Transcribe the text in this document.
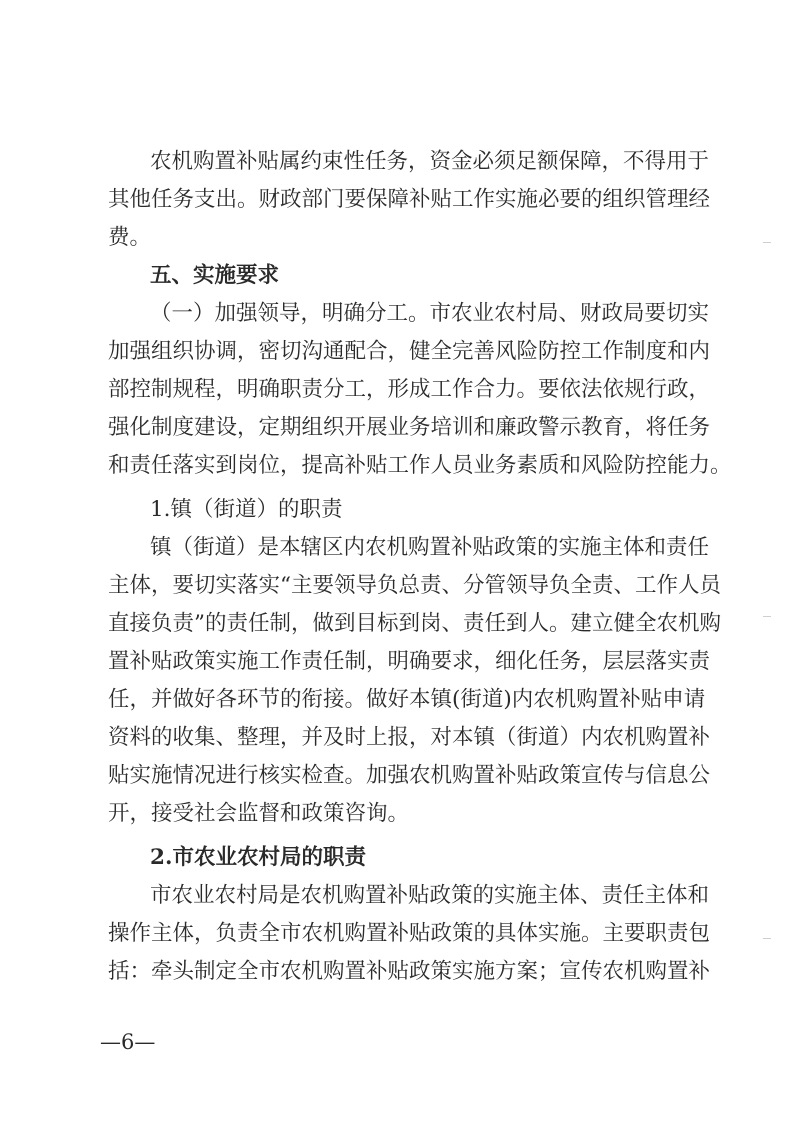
农机购置补贴属约束性任务，资金必须足额保障，不得用于
其他任务支出。财政部门要保障补贴工作实施必要的组织管理经
费。
五、实施要求
（一）加强领导，明确分工。市农业农村局、财政局要切实
加强组织协调，密切沟通配合，健全完善风险防控工作制度和内
部控制规程，明确职责分工，形成工作合力。要依法依规行政，
强化制度建设，定期组织开展业务培训和廉政警示教育，将任务
和责任落实到岗位，提高补贴工作人员业务素质和风险防控能力。
1.镇（街道）的职责
镇（街道）是本辖区内农机购置补贴政策的实施主体和责任
主体，要切实落实“主要领导负总责、分管领导负全责、工作人员
直接负责”的责任制，做到目标到岗、责任到人。建立健全农机购
置补贴政策实施工作责任制，明确要求，细化任务，层层落实责
任，并做好各环节的衔接。做好本镇(街道)内农机购置补贴申请
资料的收集、整理，并及时上报，对本镇（街道）内农机购置补
贴实施情况进行核实检查。加强农机购置补贴政策宣传与信息公
开，接受社会监督和政策咨询。
2.市农业农村局的职责
市农业农村局是农机购置补贴政策的实施主体、责任主体和
操作主体，负责全市农机购置补贴政策的具体实施。主要职责包
括：牵头制定全市农机购置补贴政策实施方案；宣传农机购置补
—6—
